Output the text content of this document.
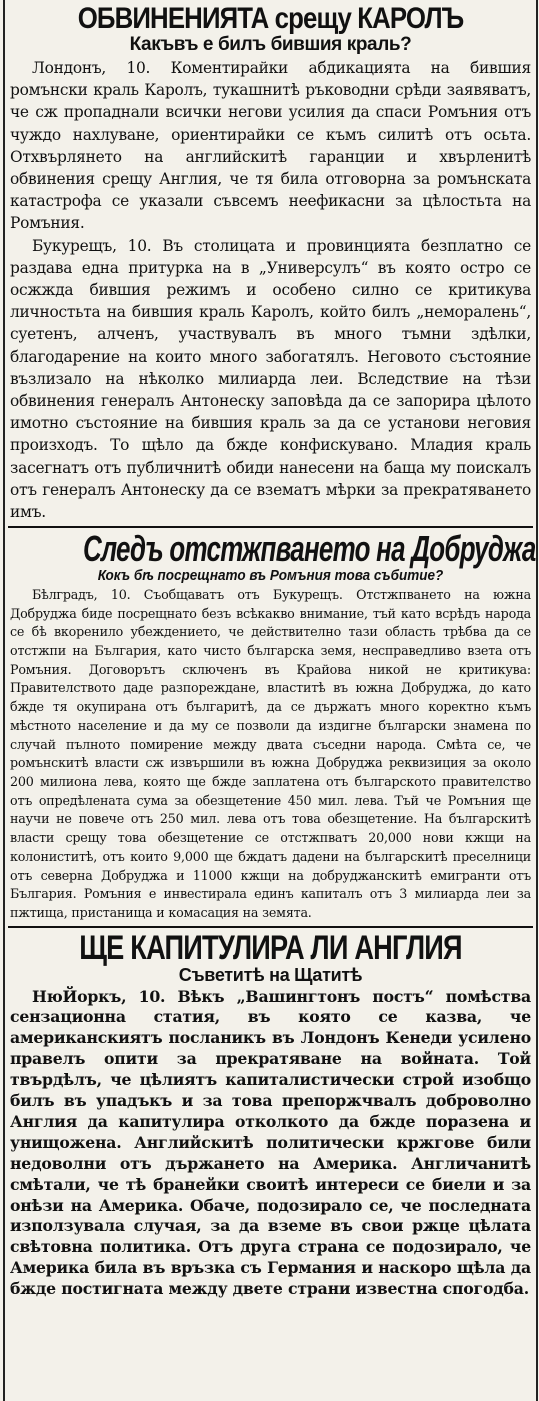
ОБВИНЕНИЯТА срещу КАРОЛЪ
Какъвъ е билъ бившия краль?

Лондонъ, 10. Коментирайки абдикацията на бившия ромънски краль Каролъ, тукашнитѣ ръководни срѣди заявяватъ, че сж пропаднали всички негови усилия да спаси Ромъния отъ чуждо нахлуване, ориентирайки се къмъ силитѣ отъ осьта. Отхвърлянето на английскитѣ гаранции и хвърленитѣ обвинения срещу Англия, че тя била отговорна за ромънската катастрофа се указали съвсемъ неефикасни за цѣлостьта на Ромъния.

Букурещъ, 10. Въ столицата и провинцията безплатно се раздава една притурка на в „Универсулъ“ въ която остро се осжжда бившия режимъ и особено силно се критикува личностьта на бившия краль Каролъ, който билъ „неморалень“, суетенъ, алченъ, участвувалъ въ много тъмни здѣлки, благодарение на които много забогатялъ. Неговото състояние възлизало на нѣколко милиарда леи. Вследствие на тѣзи обвинения генералъ Антонеску заповѣда да се запорира цѣлото имотно състояние на бившия краль за да се установи неговия произходъ. То щѣло да бжде конфискувано. Младия краль засегнатъ отъ публичнитѣ обиди нанесени на баща му поискалъ отъ генералъ Антонеску да се взематъ мѣрки за прекратяването имъ.

Следъ отстжпването на Добруджа
Кокъ бѣ посрещнато въ Ромъния това събитие?

Бѣлградъ, 10. Съобщаватъ отъ Букурещъ. Отстжпването на южна Добруджа биде посрещнато безъ всѣкакво внимание, тъй като всрѣдъ народа се бѣ вкоренило убеждението, че действително тази область трѣбва да се отстжпи на България, като чисто българска земя, несправедливо взета отъ Ромъния. Договорътъ сключенъ въ Крайова никой не критикува: Правителството даде разпореждане, властитѣ въ южна Добруджа, до като бжде тя окупирана отъ българитѣ, да се държатъ много коректно къмъ мѣстното население и да му се позволи да издигне български знамена по случай пълното помирение между двата съседни народа. Смѣта се, че ромънскитѣ власти сж извършили въ южна Добруджа реквизиция за около 200 милиона лева, която ще бжде заплатена отъ българското правителство отъ опредѣлената сума за обезщетение 450 мил. лева. Тъй че Ромъния ще научи не повече отъ 250 мил. лева отъ това обезщетение. На българскитѣ власти срещу това обезщетение се отстжпватъ 20,000 нови кжщи на колониститѣ, отъ които 9,000 ще бждатъ дадени на българскитѣ преселници отъ северна Добруджа и 11000 кжщи на добруджанскитѣ емигранти отъ България. Ромъния е инвестирала единъ капиталъ отъ 3 милиарда леи за пжтища, пристанища и комасация на земята.

ЩЕ КАПИТУЛИРА ЛИ АНГЛИЯ
Съветитѣ на Щатитѣ

НюЙоркъ, 10. Вѣкъ „Вашингтонъ постъ“ помѣства сензационна статия, въ която се казва, че американскиятъ посланикъ въ Лондонъ Кенеди усилено правелъ опити за прекратяване на войната. Той твърдѣлъ, че цѣлиятъ капиталистически строй изобщо билъ въ упадъкъ и за това препоржчвалъ доброволно Англия да капитулира отколкото да бжде поразена и унищожена. Английскитѣ политически кржгове били недоволни отъ държането на Америка. Англичанитѣ смѣтали, че тѣ бранейки своитѣ интереси се биели и за онѣзи на Америка. Обаче, подозирало се, че последната използувала случая, за да вземе въ свои ржце цѣлата свѣтовна политика. Отъ друга страна се подозирало, че Америка била въ връзка съ Германия и наскоро щѣла да бжде постигната между двете страни известна спогодба.
